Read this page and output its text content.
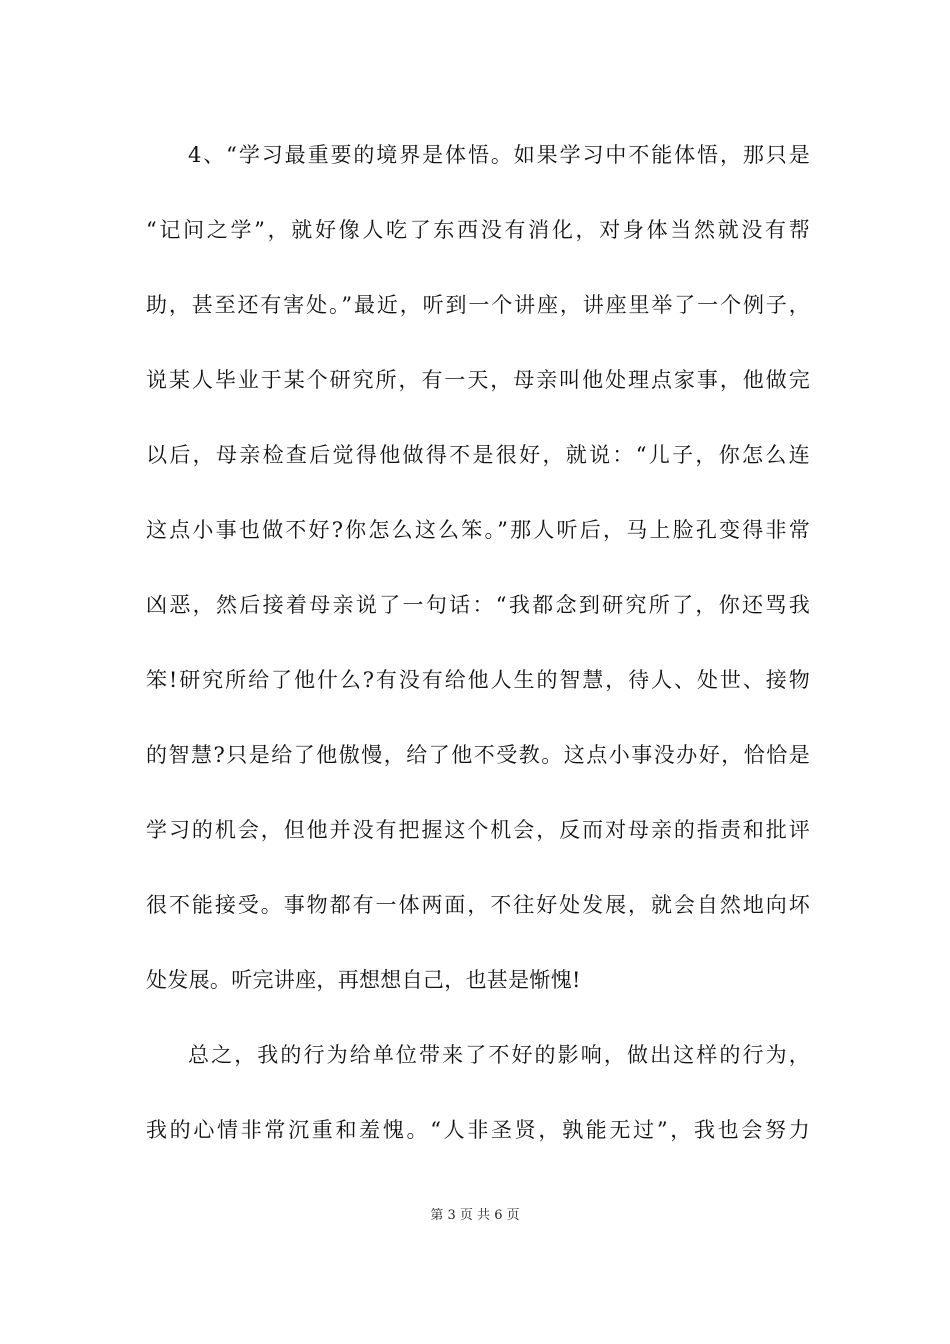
4、“学习最重要的境界是体悟。如果学习中不能体悟，那只是
“记问之学”，就好像人吃了东西没有消化，对身体当然就没有帮
助，甚至还有害处。”最近，听到一个讲座，讲座里举了一个例子，
说某人毕业于某个研究所，有一天，母亲叫他处理点家事，他做完
以后，母亲检查后觉得他做得不是很好，就说：“儿子，你怎么连
这点小事也做不好?你怎么这么笨。”那人听后，马上脸孔变得非常
凶恶，然后接着母亲说了一句话：“我都念到研究所了，你还骂我
笨!研究所给了他什么?有没有给他人生的智慧，待人、处世、接物
的智慧?只是给了他傲慢，给了他不受教。这点小事没办好，恰恰是
学习的机会，但他并没有把握这个机会，反而对母亲的指责和批评
很不能接受。事物都有一体两面，不往好处发展，就会自然地向坏
处发展。听完讲座，再想想自己，也甚是惭愧!
总之，我的行为给单位带来了不好的影响，做出这样的行为，
我的心情非常沉重和羞愧。“人非圣贤，孰能无过”，我也会努力
第 3 页 共 6 页
